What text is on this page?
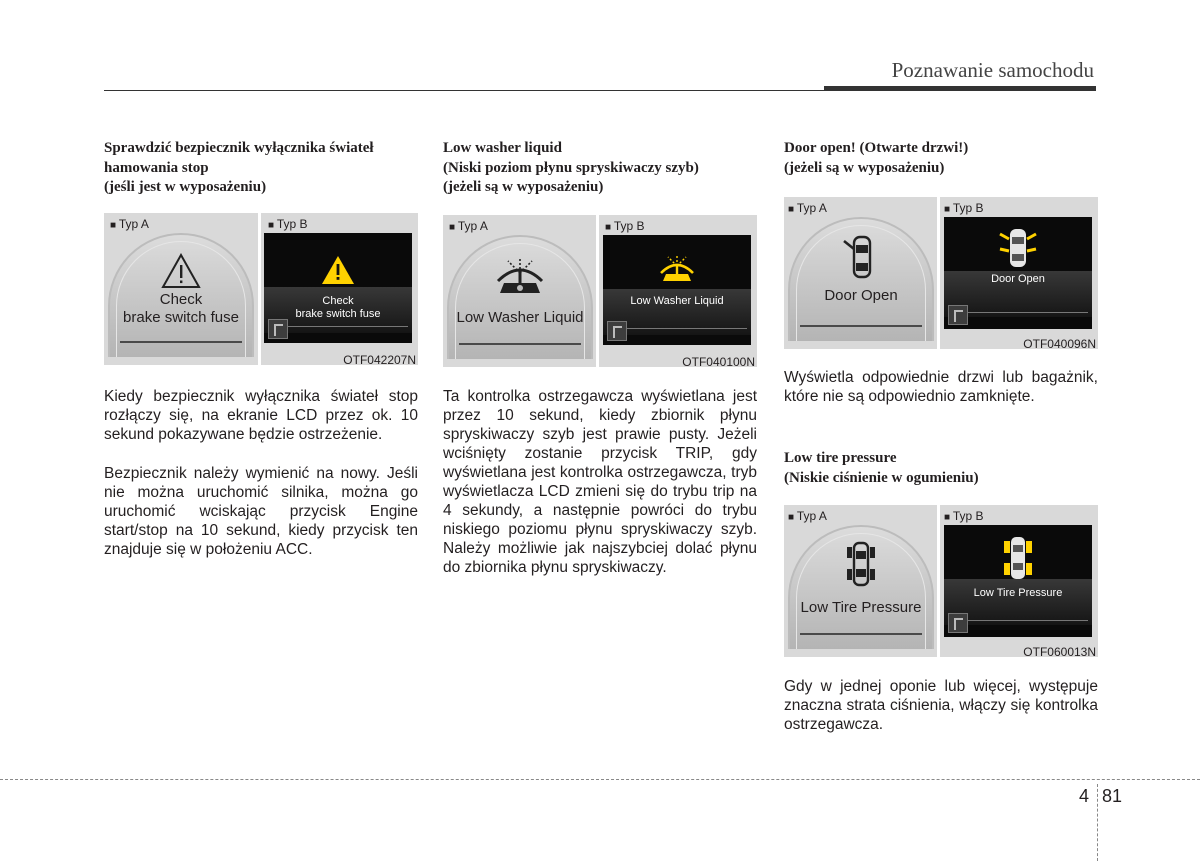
Poznawanie samochodu
Sprawdzić bezpiecznik wyłącznika świateł
hamowania stop
(jeśli jest w wyposażeniu)
■ Typ A	■ Typ B
Check
brake switch fuse
Check
brake switch fuse
OTF042207N
Kiedy bezpiecznik wyłącznika świateł stop rozłączy się, na ekranie LCD przez ok. 10 sekund pokazywane będzie ostrzeżenie.
Bezpiecznik należy wymienić na nowy. Jeśli nie można uruchomić silnika, można go uruchomić wciskając przycisk Engine start/stop na 10 sekund, kiedy przycisk ten znajduje się w położeniu ACC.
Low washer liquid
(Niski poziom płynu spryskiwaczy szyb)
(jeżeli są w wyposażeniu)
■ Typ A	■ Typ B
Low Washer Liquid
Low Washer Liquid
OTF040100N
Ta kontrolka ostrzegawcza wyświetlana jest przez 10 sekund, kiedy zbiornik płynu spryskiwaczy szyb jest prawie pusty. Jeżeli wciśnięty zostanie przycisk TRIP, gdy wyświetlana jest kontrolka ostrzegawcza, tryb wyświetlacza LCD zmieni się do trybu trip na 4 sekundy, a następnie powróci do trybu niskiego poziomu płynu spryskiwaczy szyb. Należy możliwie jak najszybciej dolać płynu do zbiornika płynu spryskiwaczy.
Door open! (Otwarte drzwi!)
(jeżeli są w wyposażeniu)
■ Typ A	■ Typ B
Door Open
Door Open
OTF040096N
Wyświetla odpowiednie drzwi lub bagażnik, które nie są odpowiednio zamknięte.
Low tire pressure
(Niskie ciśnienie w ogumieniu)
■ Typ A	■ Typ B
Low Tire Pressure
Low Tire Pressure
OTF060013N
Gdy w jednej oponie lub więcej, występuje znaczna strata ciśnienia, włączy się kontrolka ostrzegawcza.
4 81
